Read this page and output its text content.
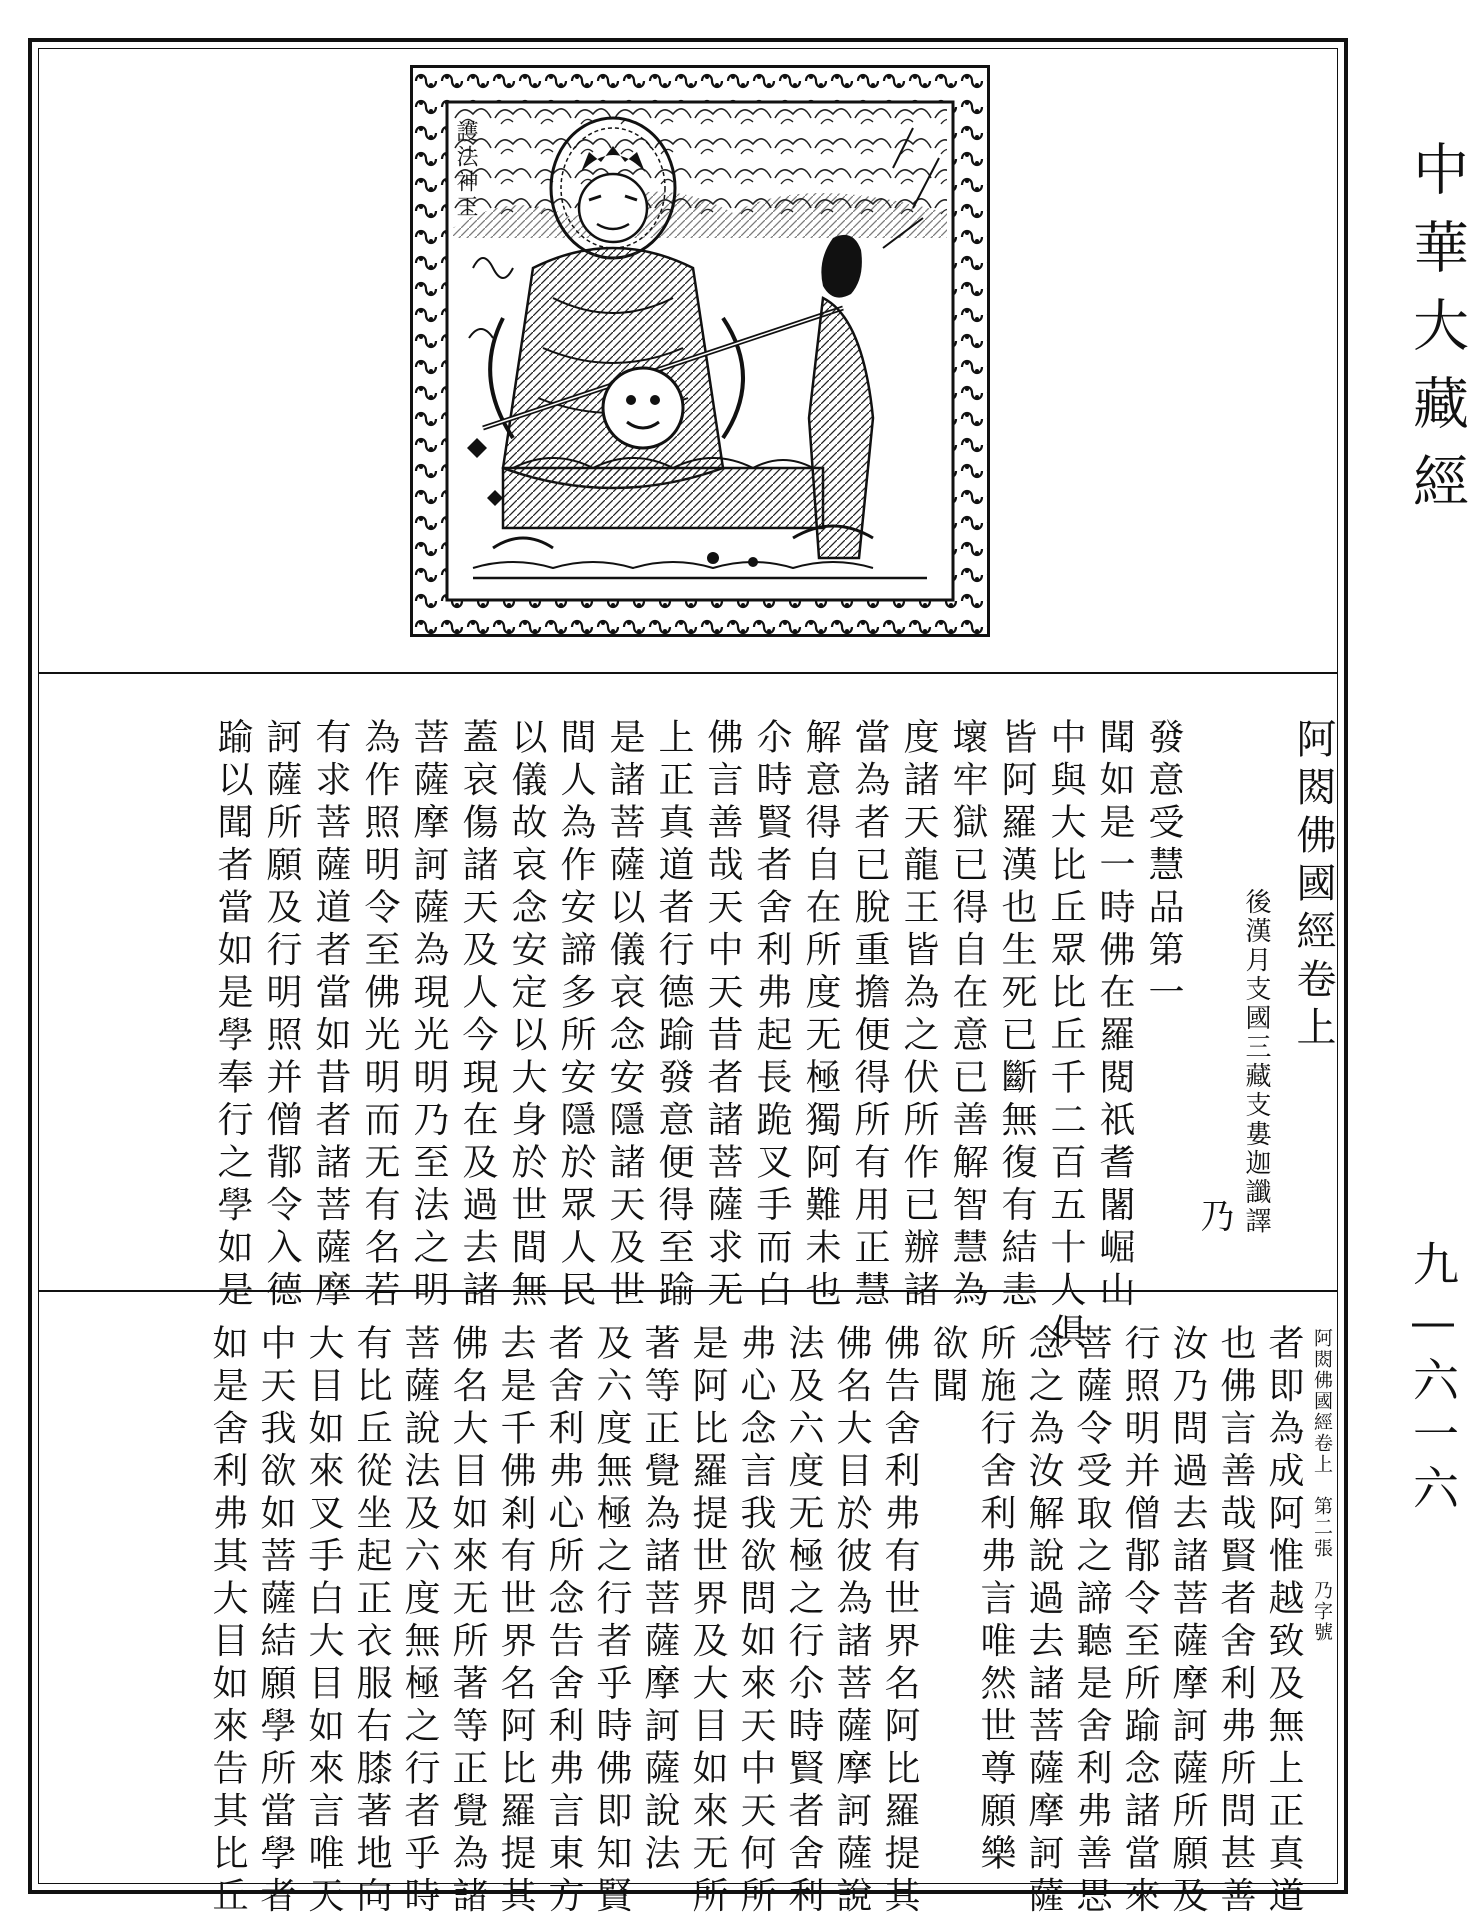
中華大藏經
九—六一六
護法神王
阿閦佛國經卷上
後漢月支國三藏支婁迦讖譯
乃
發意受慧品第一
聞如是一時佛在羅閱祇耆闍崛山
中與大比丘眾比丘千二百五十人俱
皆阿羅漢也生死已斷無復有結恚
壞牢獄已得自在意已善解智慧為
度諸天龍王皆為之伏所作已辦諸
當為者已脫重擔便得所有用正慧
解意得自在所度无極獨阿難未也
尒時賢者舍利弗起長跪叉手而白
佛言善哉天中天昔者諸菩薩求无
上正真道者行德踰發意便得至踰
是諸菩薩以儀哀念安隱諸天及世
間人為作安諦多所安隱於眾人民
以儀故哀念安定以大身於世間無
蓋哀傷諸天及人今現在及過去諸
菩薩摩訶薩為現光明乃至法之明
為作照明令至佛光明而无有名若
有求菩薩道者當如昔者諸菩薩摩
訶薩所願及行明照并僧鄁令入德
踰以聞者當如是學奉行之學如是
阿閦佛國經卷上　第二張　乃字號
者即為成阿惟越致及無上正真道
也佛言善哉賢者舍利弗所問甚善
汝乃問過去諸菩薩摩訶薩所願及
行照明并僧鄁令至所踰念諸當來
菩薩令受取之諦聽是舍利弗善思
念之為汝解說過去諸菩薩摩訶薩
所施行舍利弗言唯然世尊願樂
欲聞
佛告舍利弗有世界名阿比羅提其
佛名大目於彼為諸菩薩摩訶薩說
法及六度无極之行尒時賢者舍利
弗心念言我欲問如來天中天何所
是阿比羅提世界及大目如來无所
著等正覺為諸菩薩摩訶薩說法
及六度無極之行者乎時佛即知賢
者舍利弗心所念告舍利弗言東方
去是千佛剎有世界名阿比羅提其
佛名大目如來无所著等正覺為諸
菩薩說法及六度無極之行者乎時
有比丘從坐起正衣服右膝著地向
大目如來叉手白大目如來言唯天
中天我欲如菩薩結願學所當學者
如是舍利弗其大目如來告其比丘
